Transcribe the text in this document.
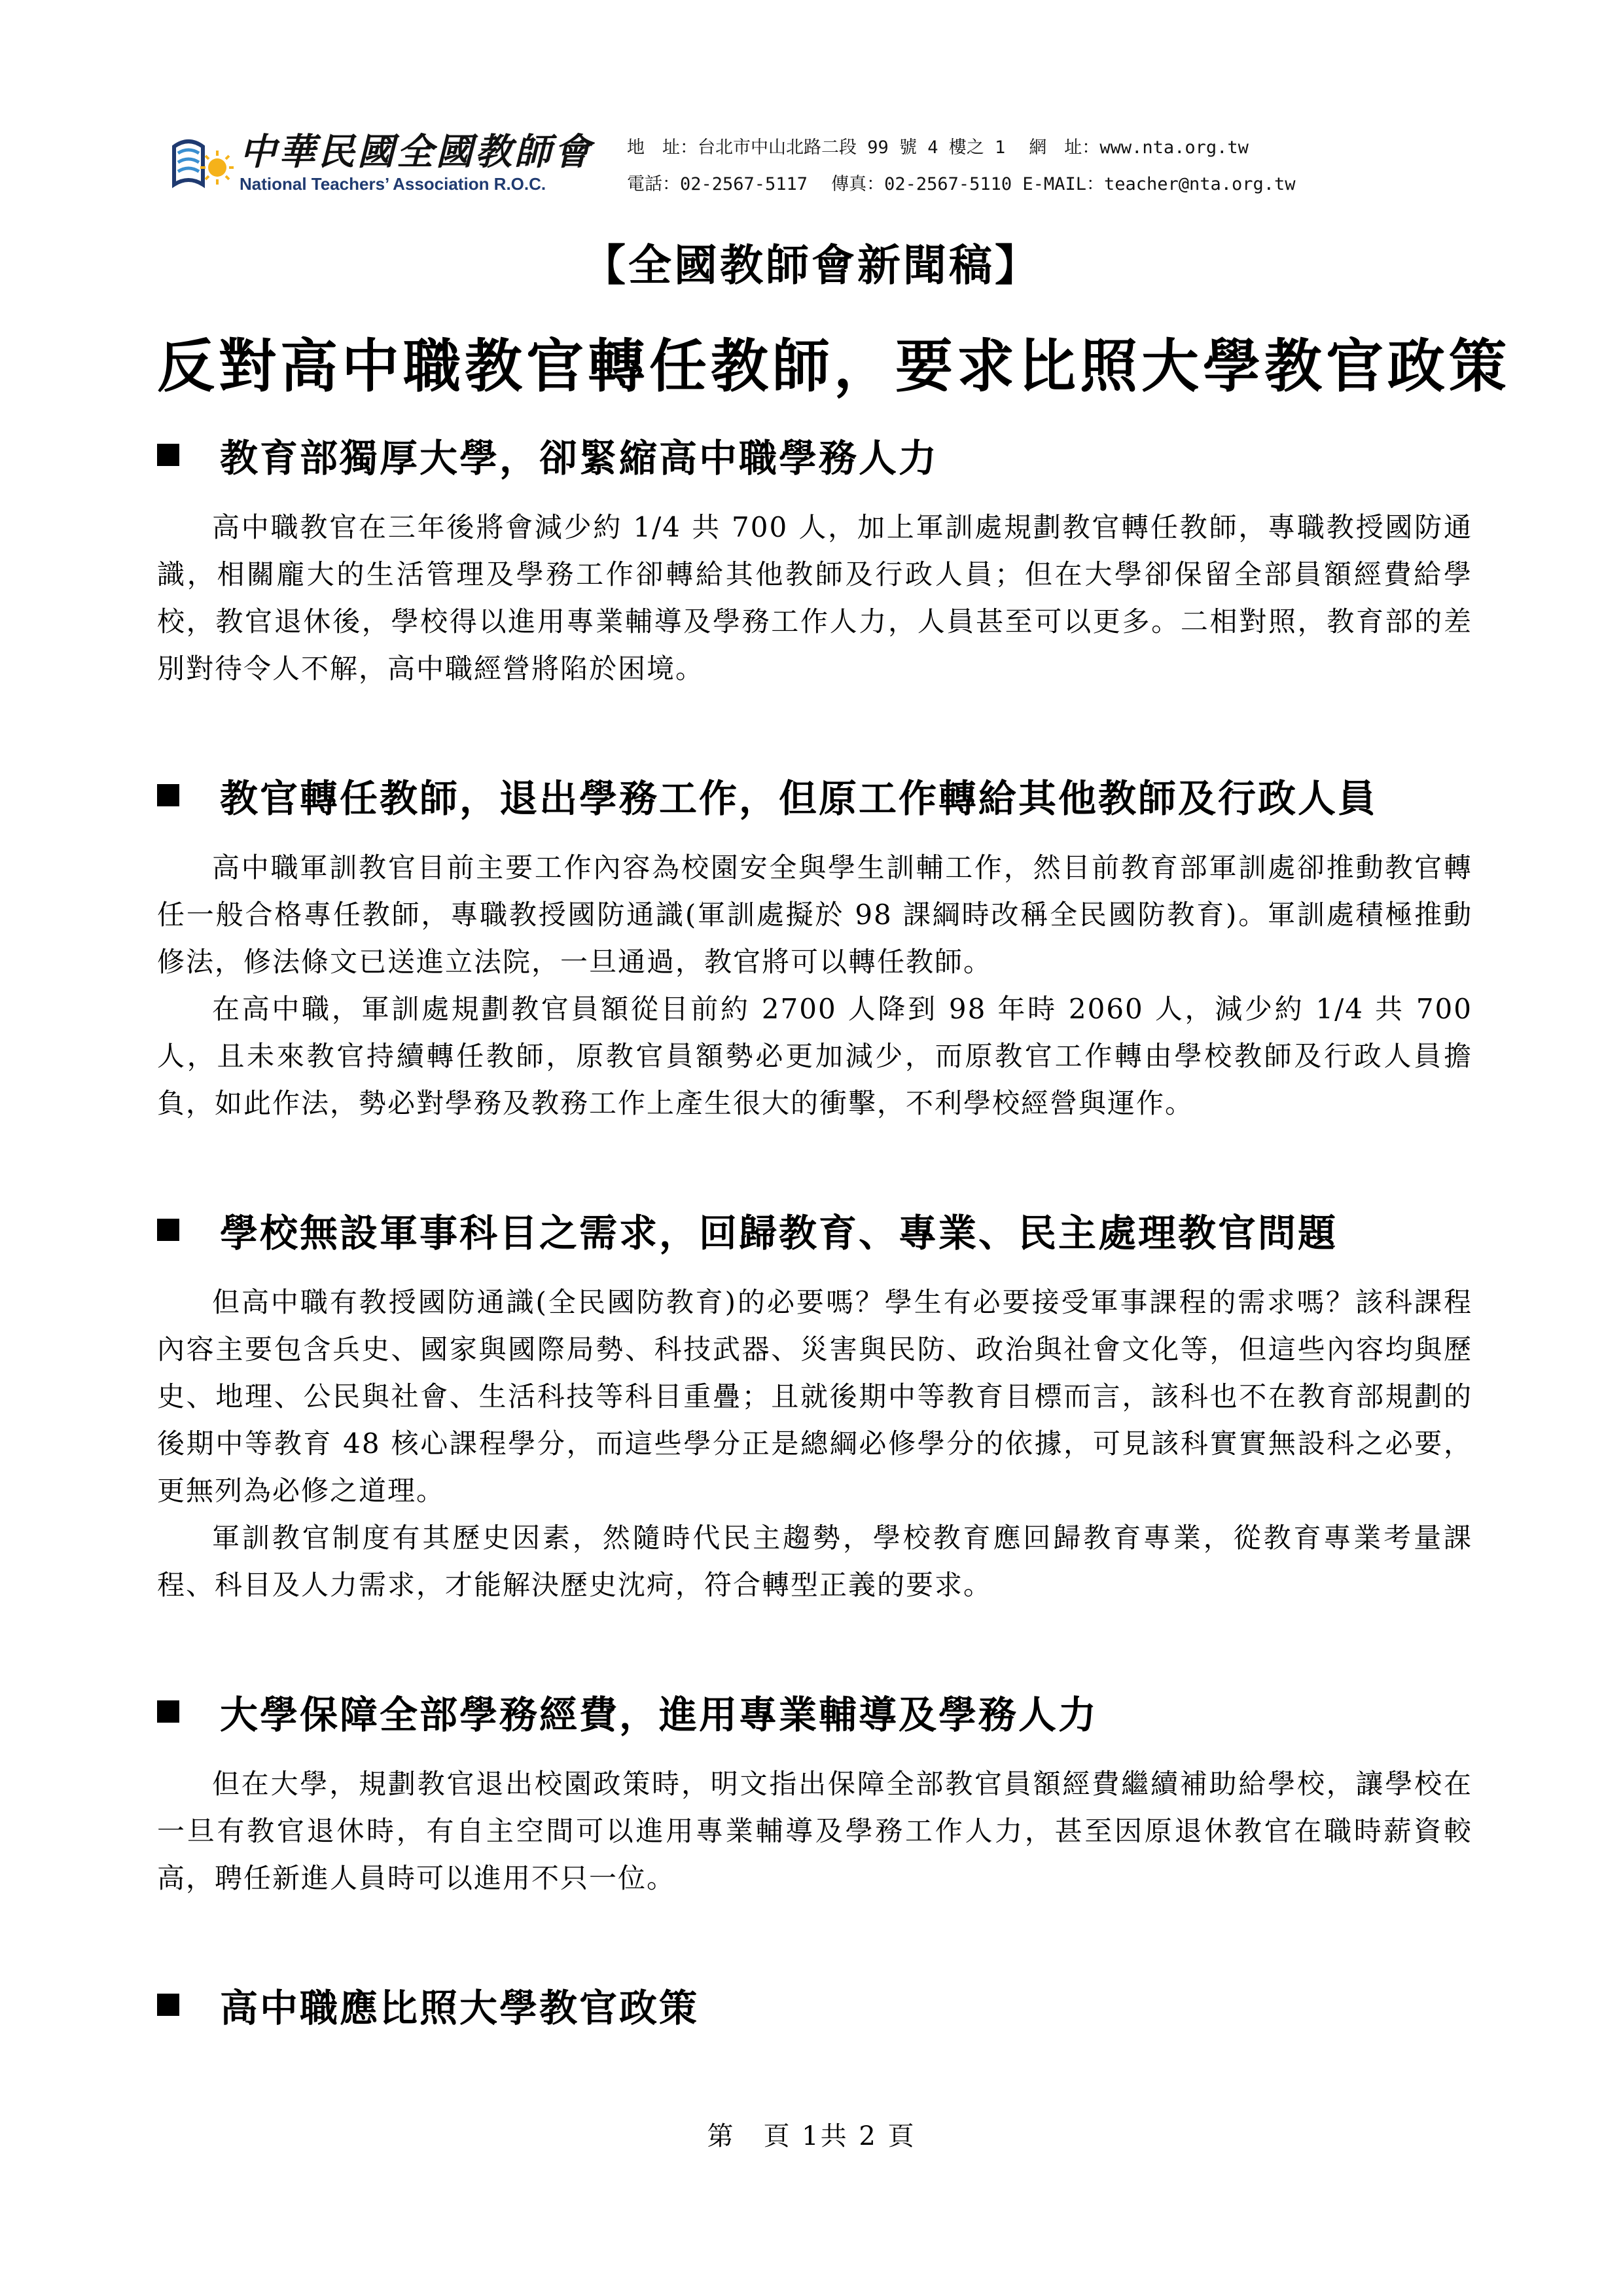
中華民國全國教師會
National Teachers’ Association R.O.C.
地　址：台北市中山北路二段 99 號 4 樓之 1 網　址：www.nta.org.tw
電話：02-2567-5117 傳真：02-2567-5110 E-MAIL：teacher@nta.org.tw
【全國教師會新聞稿】
反對高中職教官轉任教師，要求比照大學教官政策
教育部獨厚大學，卻緊縮高中職學務人力

高中職教官在三年後將會減少約 1/4 共 700 人，加上軍訓處規劃教官轉任教師，專職教授國防通識，相關龐大的生活管理及學務工作卻轉給其他教師及行政人員；但在大學卻保留全部員額經費給學校，教官退休後，學校得以進用專業輔導及學務工作人力，人員甚至可以更多。二相對照，教育部的差別對待令人不解，高中職經營將陷於困境。

教官轉任教師，退出學務工作，但原工作轉給其他教師及行政人員

高中職軍訓教官目前主要工作內容為校園安全與學生訓輔工作，然目前教育部軍訓處卻推動教官轉任一般合格專任教師，專職教授國防通識(軍訓處擬於 98 課綱時改稱全民國防教育)。軍訓處積極推動修法，修法條文已送進立法院，一旦通過，教官將可以轉任教師。

在高中職，軍訓處規劃教官員額從目前約 2700 人降到 98 年時 2060 人，減少約 1/4 共 700 人，且未來教官持續轉任教師，原教官員額勢必更加減少，而原教官工作轉由學校教師及行政人員擔負，如此作法，勢必對學務及教務工作上產生很大的衝擊，不利學校經營與運作。

學校無設軍事科目之需求，回歸教育、專業、民主處理教官問題

但高中職有教授國防通識(全民國防教育)的必要嗎？學生有必要接受軍事課程的需求嗎？該科課程內容主要包含兵史、國家與國際局勢、科技武器、災害與民防、政治與社會文化等，但這些內容均與歷史、地理、公民與社會、生活科技等科目重疊；且就後期中等教育目標而言，該科也不在教育部規劃的後期中等教育 48 核心課程學分，而這些學分正是總綱必修學分的依據，可見該科實實無設科之必要，更無列為必修之道理。

軍訓教官制度有其歷史因素，然隨時代民主趨勢，學校教育應回歸教育專業，從教育專業考量課程、科目及人力需求，才能解決歷史沈疴，符合轉型正義的要求。

大學保障全部學務經費，進用專業輔導及學務人力

但在大學，規劃教官退出校園政策時，明文指出保障全部教官員額經費繼續補助給學校，讓學校在一旦有教官退休時，有自主空間可以進用專業輔導及學務工作人力，甚至因原退休教官在職時薪資較高，聘任新進人員時可以進用不只一位。

高中職應比照大學教官政策
第　頁 1共 2 頁
